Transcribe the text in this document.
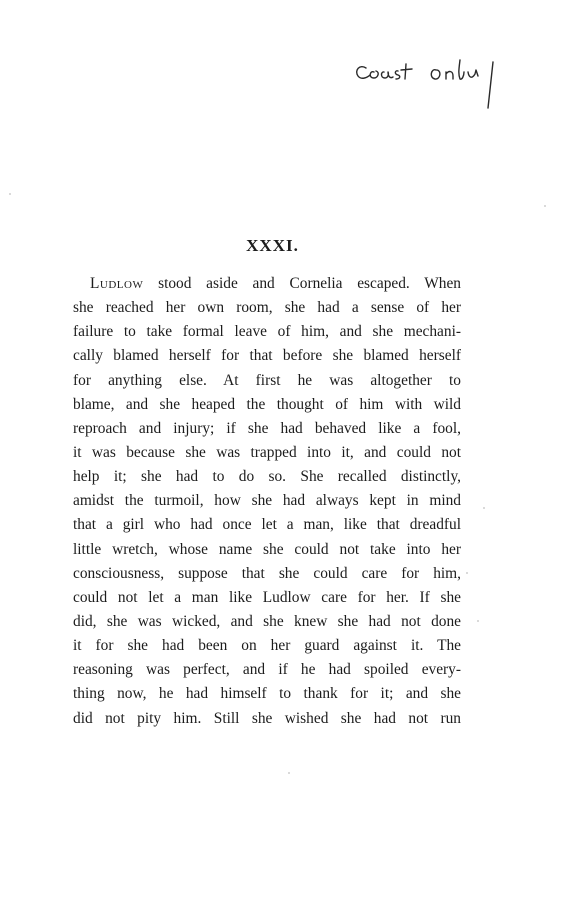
XXXI.
Ludlow stood aside and Cornelia escaped. When
she reached her own room, she had a sense of her
failure to take formal leave of him, and she mechani-
cally blamed herself for that before she blamed herself
for anything else. At first he was altogether to
blame, and she heaped the thought of him with wild
reproach and injury; if she had behaved like a fool,
it was because she was trapped into it, and could not
help it; she had to do so. She recalled distinctly,
amidst the turmoil, how she had always kept in mind
that a girl who had once let a man, like that dreadful
little wretch, whose name she could not take into her
consciousness, suppose that she could care for him,
could not let a man like Ludlow care for her. If she
did, she was wicked, and she knew she had not done
it for she had been on her guard against it. The
reasoning was perfect, and if he had spoiled every-
thing now, he had himself to thank for it; and she
did not pity him. Still she wished she had not run
